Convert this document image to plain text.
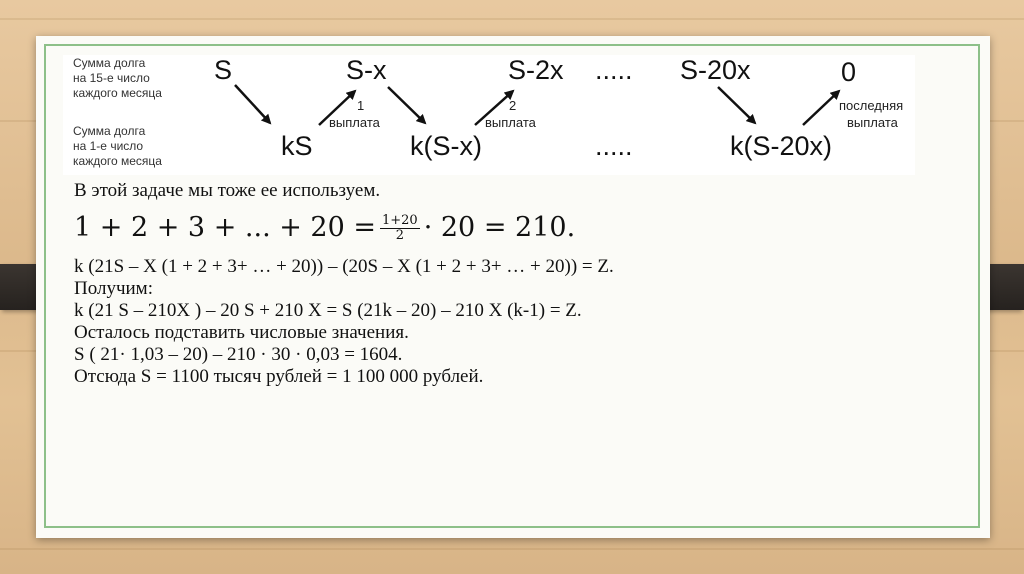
Сумма долга
на 15-е число
каждого месяца
Сумма долга
на 1-е число
каждого месяца
S	S-x	S-2x ..... S-20x	0
kS	k(S-x)	.....	k(S-20x)
1
выплата
2
выплата
последняя
выплата
В этой задаче мы тоже ее используем.
1 + 2 + 3 + ... + $20 = \frac{1+20}{2} \cdot 20 = 210$.
k (21S – X (1 + 2 + 3+ … + 20)) – (20S – X (1 + 2 + 3+ … + 20)) = Z.
Получим:
k (21 S – 210X ) – 20 S + 210 X = S (21k – 20) – 210 X (k-1) = Z.
Осталось подставить числовые значения.
S ( 21· 1,03 – 20) – 210 · 30 · 0,03 = 1604.
Отсюда S = 1100 тысяч рублей = 1 100 000 рублей.
